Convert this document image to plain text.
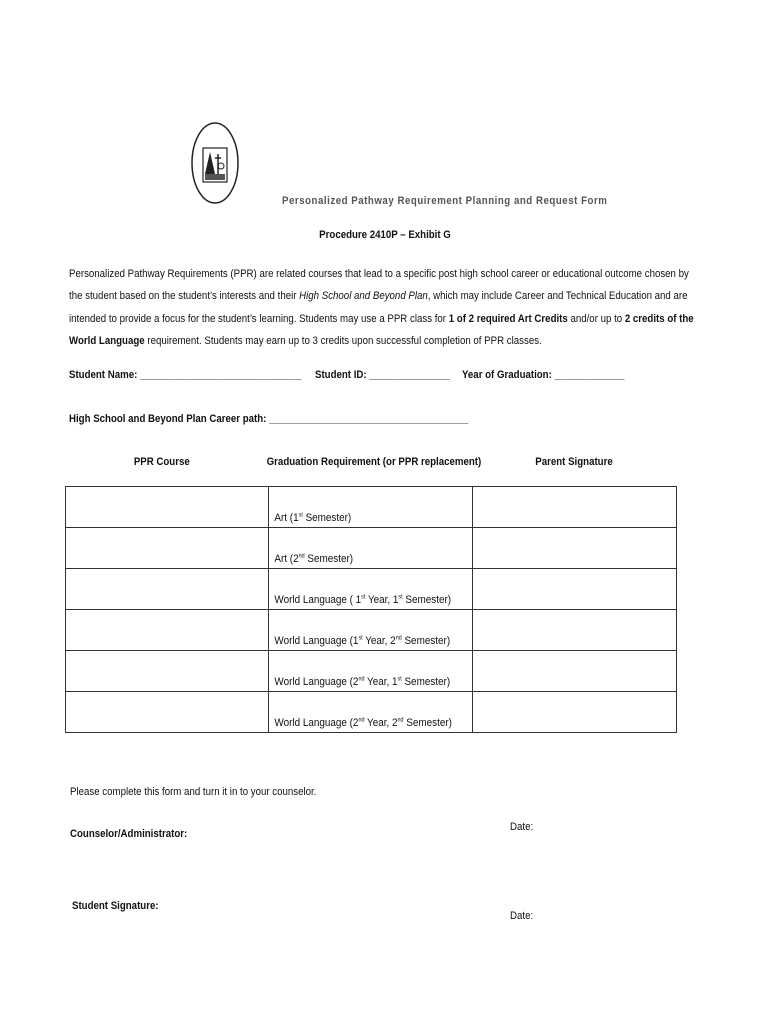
Personalized Pathway Requirement Planning and Request Form
Procedure 2410P – Exhibit G
Personalized Pathway Requirements (PPR) are related courses that lead to a specific post high school career or educational outcome chosen by the student based on the student’s interests and their High School and Beyond Plan, which may include Career and Technical Education and are intended to provide a focus for the student’s learning. Students may use a PPR class for 1 of 2 required Art Credits and/or up to 2 credits of the World Language requirement. Students may earn up to 3 credits upon successful completion of PPR classes.
Student Name: ______________________________ Student ID: _______________ Year of Graduation: _____________
High School and Beyond Plan Career path: _____________________________________
PPR Course	Graduation Requirement (or PPR replacement)	Parent Signature
	Art (1st Semester)	
	Art (2nd Semester)	
	World Language ( 1st Year, 1st Semester)	
	World Language (1st Year, 2nd Semester)	
	World Language (2nd Year, 1st Semester)	
	World Language (2nd Year, 2nd Semester)	
Please complete this form and turn it in to your counselor.
Counselor/Administrator:
Date:
Student Signature:
Date:
